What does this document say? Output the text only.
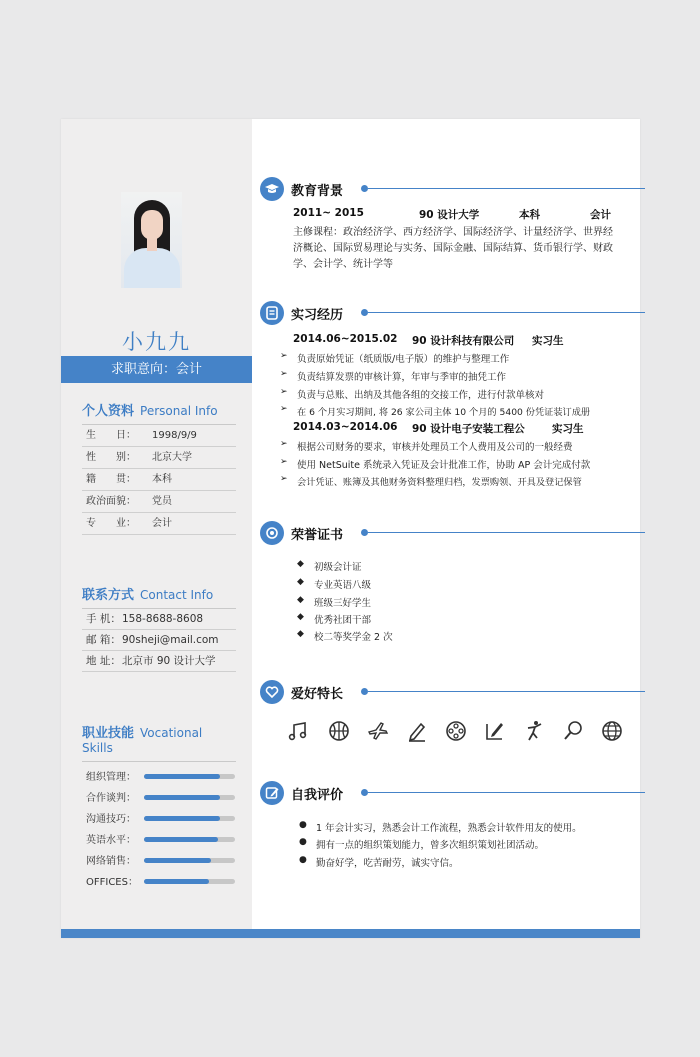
小九九
求职意向：会计
个人资料 Personal Info
生　　日： 1998/9/9
性　　别： 北京大学
籍　　贯： 本科
政治面貌： 党员
专　　业： 会计
联系方式 Contact Info
手 机： 158-8688-8608
邮 箱： 90sheji@mail.com
地 址： 北京市 90 设计大学
职业技能 Vocational Skills
组织管理：
合作谈判：
沟通技巧：
英语水平：
网络销售：
OFFICES：
教育背景
2011~ 2015	90 设计大学	本科	会计
主修课程：政治经济学、西方经济学、国际经济学、计量经济学、世界经
济概论、国际贸易理论与实务、国际金融、国际结算、货币银行学、财政
学、会计学、统计学等
实习经历
2014.06~2015.02 90 设计科技有限公司 实习生
➢ 负责原始凭证（纸质版/电子版）的维护与整理工作
➢ 负责结算发票的审核计算，年审与季审的抽凭工作
➢ 负责与总账、出纳及其他各组的交接工作，进行付款单核对
➢ 在 6 个月实习期间, 将 26 家公司主体 10 个月的 5400 份凭证装订成册
2014.03~2014.06 90 设计电子安装工程公	实习生
➢ 根据公司财务的要求，审核并处理员工个人费用及公司的一般经费
➢ 使用 NetSuite 系统录入凭证及会计批准工作，协助 AP 会计完成付款
➢ 会计凭证、账簿及其他财务资料整理归档，发票购领、开具及登记保管
荣誉证书
◆ 初级会计证
◆ 专业英语八级
◆ 班级三好学生
◆ 优秀社团干部
◆ 校二等奖学金 2 次
爱好特长
自我评价
● 1 年会计实习，熟悉会计工作流程，熟悉会计软件用友的使用。
● 拥有一点的组织策划能力，曾多次组织策划社团活动。
● 勤奋好学，吃苦耐劳，诚实守信。
